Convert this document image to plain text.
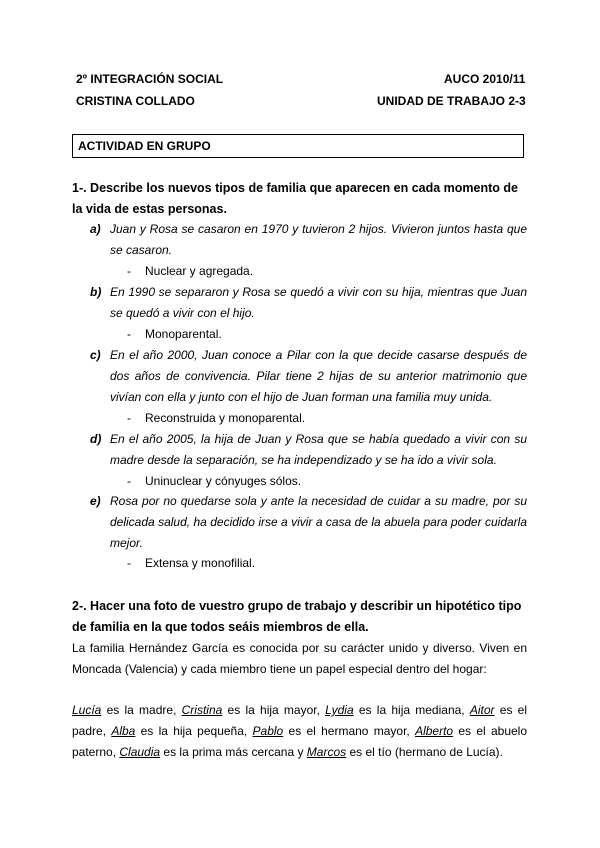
2º INTEGRACIÓN SOCIAL
CRISTINA COLLADO
AUCO 2010/11
UNIDAD DE TRABAJO 2-3
ACTIVIDAD EN GRUPO
1-. Describe los nuevos tipos de familia que aparecen en cada momento de la vida de estas personas.
a) Juan y Rosa se casaron en 1970 y tuvieron 2 hijos. Vivieron juntos hasta que se casaron.
- Nuclear y agregada.
b) En 1990 se separaron y Rosa se quedó a vivir con su hija, mientras que Juan se quedó a vivir con el hijo.
- Monoparental.
c) En el año 2000, Juan conoce a Pilar con la que decide casarse después de dos años de convivencia. Pilar tiene 2 hijas de su anterior matrimonio que vivían con ella y junto con el hijo de Juan forman una familia muy unida.
- Reconstruida y monoparental.
d) En el año 2005, la hija de Juan y Rosa que se había quedado a vivir con su madre desde la separación, se ha independizado y se ha ido a vivir sola.
- Uninuclear y cónyuges sólos.
e) Rosa por no quedarse sola y ante la necesidad de cuidar a su madre, por su delicada salud, ha decidido irse a vivir a casa de la abuela para poder cuidarla mejor.
- Extensa y monofilial.
2-. Hacer una foto de vuestro grupo de trabajo y describir un hipotético tipo de familia en la que todos seáis miembros de ella.
La familia Hernández García es conocida por su carácter unido y diverso. Viven en Moncada (Valencia) y cada miembro tiene un papel especial dentro del hogar:
Lucía es la madre, Cristina es la hija mayor, Lydia es la hija mediana, Aitor es el padre, Alba es la hija pequeña, Pablo es el hermano mayor, Alberto es el abuelo paterno, Claudia es la prima más cercana y Marcos es el tío (hermano de Lucía).
